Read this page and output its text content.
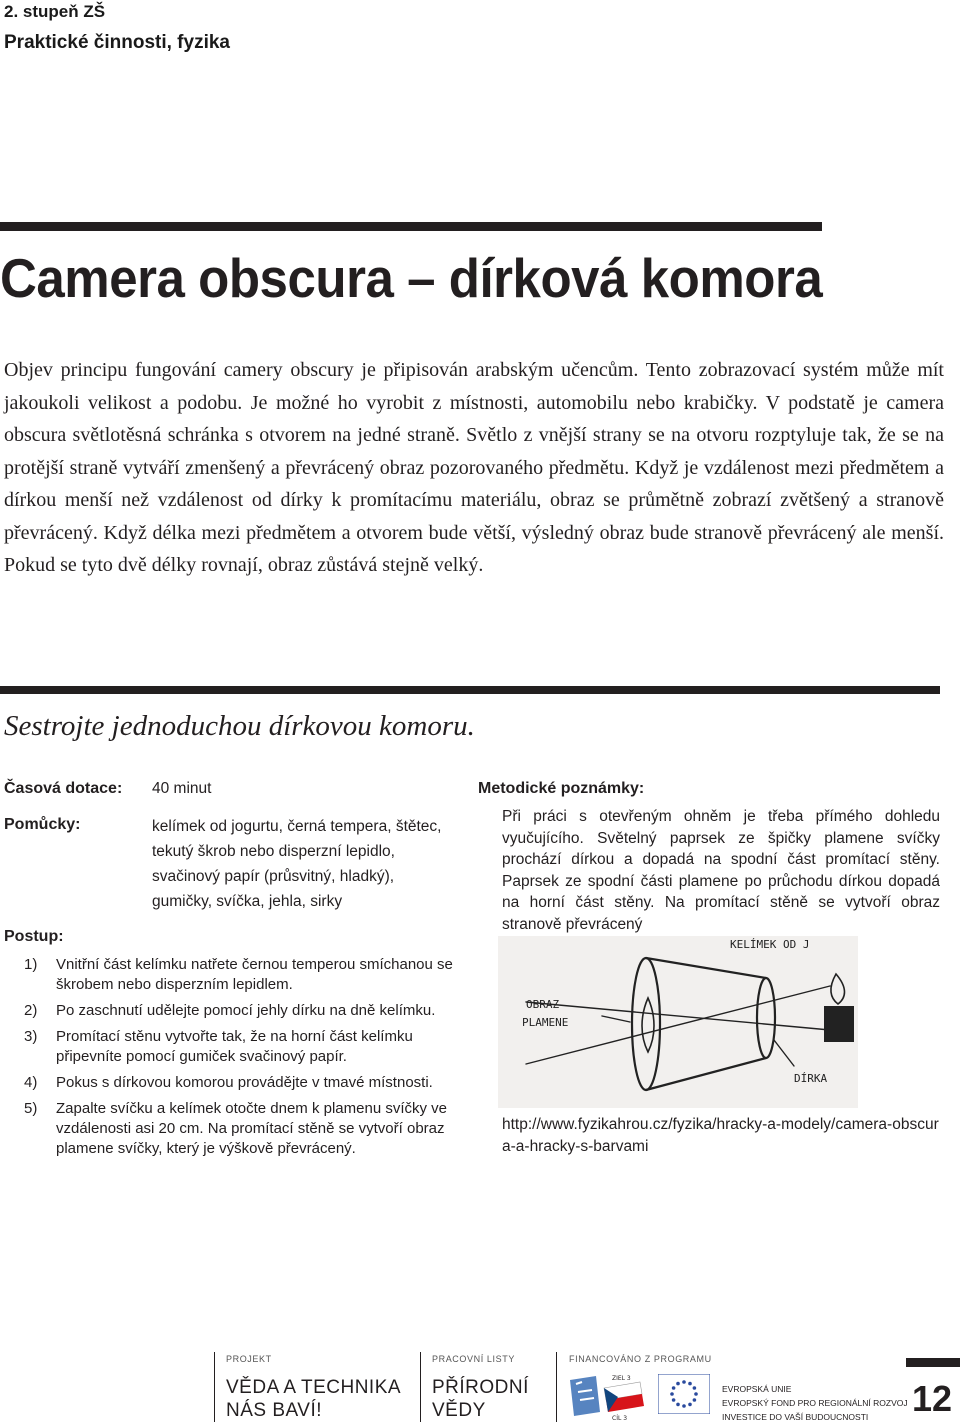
2. stupeň ZŠ
Praktické činnosti, fyzika
Camera obscura – dírková komora

Objev principu fungování camery obscury je připisován arabským učencům. Tento zobrazovací systém může mít jakoukoli velikost a podobu. Je možné ho vyrobit z místnosti, automobilu nebo krabičky. V podstatě je camera obscura světlotěsná schránka s otvorem na jedné straně. Světlo z vnější strany se na otvoru rozptyluje tak, že se na protější straně vytváří zmenšený a převrácený obraz pozorovaného předmětu. Když je vzdálenost mezi předmětem a dírkou menší než vzdálenost od dírky k promítacímu materiálu, obraz se průmětně zobrazí zvětšený a stranově převrácený. Když délka mezi předmětem a otvorem bude větší, výsledný obraz bude stranově převrácený ale menší. Pokud se tyto dvě délky rovnají, obraz zůstává stejně velký.

Sestrojte jednoduchou dírkovou komoru.
Časová dotace: 40 minut
Pomůcky:	kelímek od jogurtu, černá tempera, štětec, tekutý škrob nebo disperzní lepidlo, svačinový papír (průsvitný, hladký), gumičky, svíčka, jehla, sirky
Metodické poznámky:
Při práci s otevřeným ohněm je třeba přímého dohledu vyučujícího. Světelný paprsek ze špičky plamene svíčky prochází dírkou a dopadá na spodní část promítací stěny. Paprsek ze spodní části plamene po průchodu dírkou dopadá na horní část stěny. Na promítací stěně se vytvoří obraz stranově převrácený
Postup:
1) Vnitřní část kelímku natřete černou temperou smíchanou se škrobem nebo disperzním lepidlem.
2) Po zaschnutí udělejte pomocí jehly dírku na dně kelímku.
3) Promítací stěnu vytvořte tak, že na horní část kelímku připevníte pomocí gumiček svačinový papír.
4) Pokus s dírkovou komorou provádějte v tmavé místnosti.
5) Zapalte svíčku a kelímek otočte dnem k plamenu svíčky ve vzdálenosti asi 20 cm. Na promítací stěně se vytvoří obraz plamene svíčky, který je výškově převrácený.
KELÍMEK OD J
OBRAZ
PLAMENE
DÍRKA
http://www.fyzikahrou.cz/fyzika/hracky-a-modely/camera-obscura-a-hracky-s-barvami
PROJEKT
VĚDA A TECHNIKA
NÁS BAVÍ!
PRACOVNÍ LISTY
PŘÍRODNÍ
VĚDY
FINANCOVÁNO Z PROGRAMU
ZIEL 3
CÍL 3
EVROPSKÁ UNIE
EVROPSKÝ FOND PRO REGIONÁLNÍ ROZVOJ
INVESTICE DO VAŠÍ BUDOUCNOSTI 12
